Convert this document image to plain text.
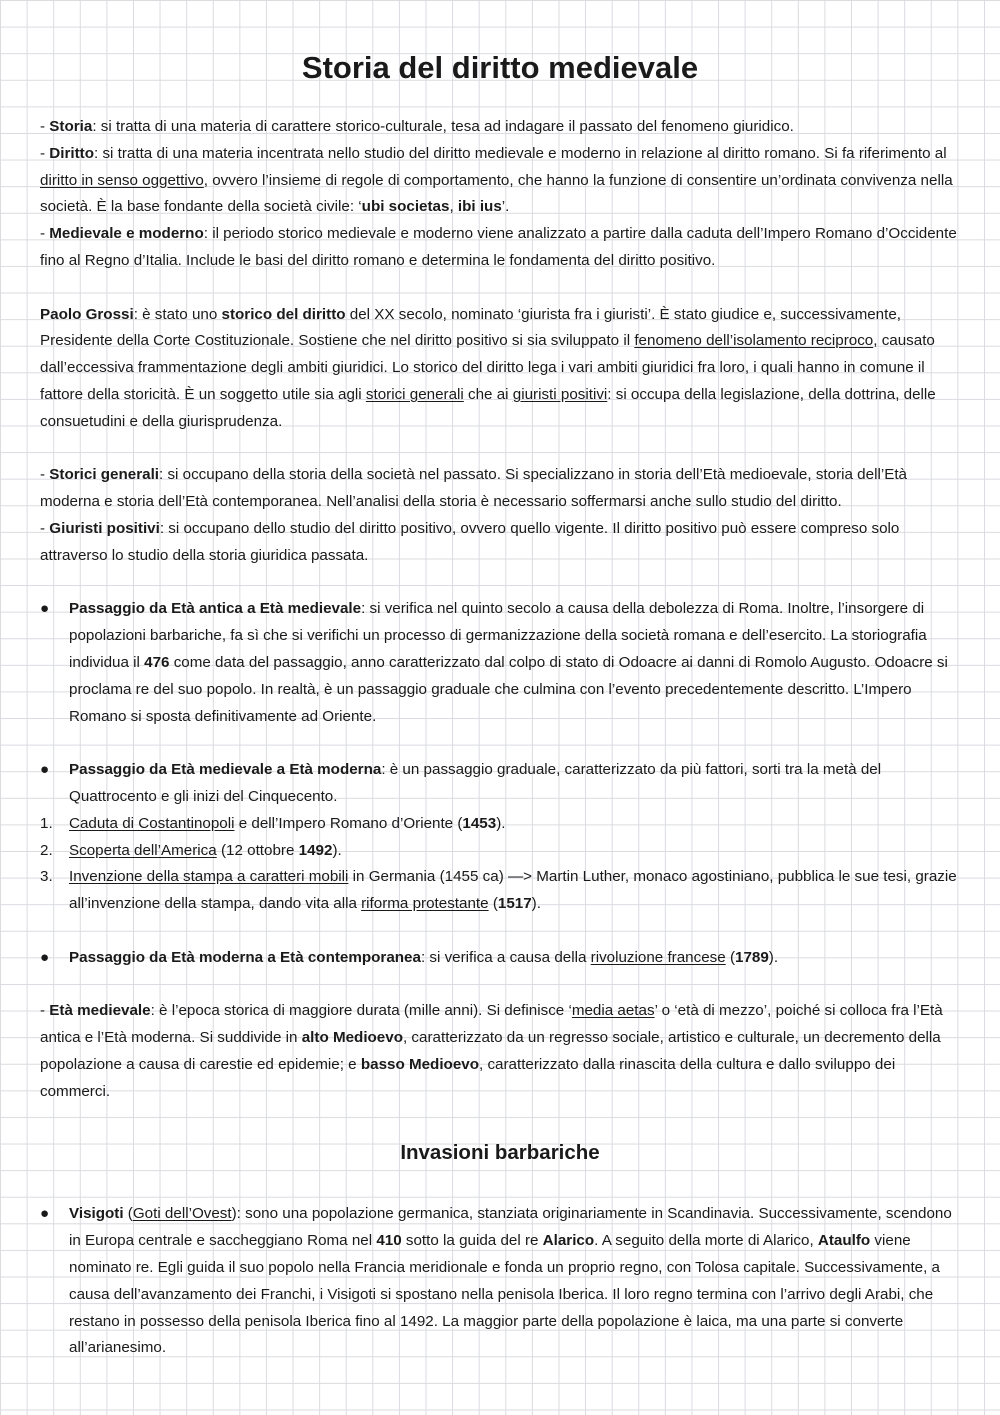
Storia del diritto medievale

- Storia: si tratta di una materia di carattere storico-culturale, tesa ad indagare il passato del fenomeno giuridico.

- Diritto: si tratta di una materia incentrata nello studio del diritto medievale e moderno in relazione al diritto romano. Si fa riferimento al diritto in senso oggettivo, ovvero l’insieme di regole di comportamento, che hanno la funzione di consentire un’ordinata convivenza nella società. È la base fondante della società civile: ‘ubi societas, ibi ius’.

- Medievale e moderno: il periodo storico medievale e moderno viene analizzato a partire dalla caduta dell’Impero Romano d’Occidente fino al Regno d’Italia. Include le basi del diritto romano e determina le fondamenta del diritto positivo.

Paolo Grossi: è stato uno storico del diritto del XX secolo, nominato ‘giurista fra i giuristi’. È stato giudice e, successivamente, Presidente della Corte Costituzionale. Sostiene che nel diritto positivo si sia sviluppato il fenomeno dell’isolamento reciproco, causato dall’eccessiva frammentazione degli ambiti giuridici. Lo storico del diritto lega i vari ambiti giuridici fra loro, i quali hanno in comune il fattore della storicità. È un soggetto utile sia agli storici generali che ai giuristi positivi: si occupa della legislazione, della dottrina, delle consuetudini e della giurisprudenza.

- Storici generali: si occupano della storia della società nel passato. Si specializzano in storia dell’Età medioevale, storia dell’Età moderna e storia dell’Età contemporanea. Nell’analisi della storia è necessario soffermarsi anche sullo studio del diritto.

- Giuristi positivi: si occupano dello studio del diritto positivo, ovvero quello vigente. Il diritto positivo può essere compreso solo attraverso lo studio della storia giuridica passata.

● Passaggio da Età antica a Età medievale: si verifica nel quinto secolo a causa della debolezza di Roma. Inoltre, l’insorgere di popolazioni barbariche, fa sì che si verifichi un processo di germanizzazione della società romana e dell’esercito. La storiografia individua il 476 come data del passaggio, anno caratterizzato dal colpo di stato di Odoacre ai danni di Romolo Augusto. Odoacre si proclama re del suo popolo. In realtà, è un passaggio graduale che culmina con l’evento precedentemente descritto. L’Impero Romano si sposta definitivamente ad Oriente.

● Passaggio da Età medievale a Età moderna: è un passaggio graduale, caratterizzato da più fattori, sorti tra la metà del Quattrocento e gli inizi del Cinquecento.

1. Caduta di Costantinopoli e dell’Impero Romano d’Oriente (1453).

2. Scoperta dell’America (12 ottobre 1492).

3. Invenzione della stampa a caratteri mobili in Germania (1455 ca) —> Martin Luther, monaco agostiniano, pubblica le sue tesi, grazie all’invenzione della stampa, dando vita alla riforma protestante (1517).

● Passaggio da Età moderna a Età contemporanea: si verifica a causa della rivoluzione francese (1789).

- Età medievale: è l’epoca storica di maggiore durata (mille anni). Si definisce ‘media aetas’ o ‘età di mezzo’, poiché si colloca fra l’Età antica e l’Età moderna. Si suddivide in alto Medioevo, caratterizzato da un regresso sociale, artistico e culturale, un decremento della popolazione a causa di carestie ed epidemie; e basso Medioevo, caratterizzato dalla rinascita della cultura e dallo sviluppo dei commerci.

Invasioni barbariche

● Visigoti (Goti dell’Ovest): sono una popolazione germanica, stanziata originariamente in Scandinavia. Successivamente, scendono in Europa centrale e saccheggiano Roma nel 410 sotto la guida del re Alarico. A seguito della morte di Alarico, Ataulfo viene nominato re. Egli guida il suo popolo nella Francia meridionale e fonda un proprio regno, con Tolosa capitale. Successivamente, a causa dell’avanzamento dei Franchi, i Visigoti si spostano nella penisola Iberica. Il loro regno termina con l’arrivo degli Arabi, che restano in possesso della penisola Iberica fino al 1492. La maggior parte della popolazione è laica, ma una parte si converte all’arianesimo.
